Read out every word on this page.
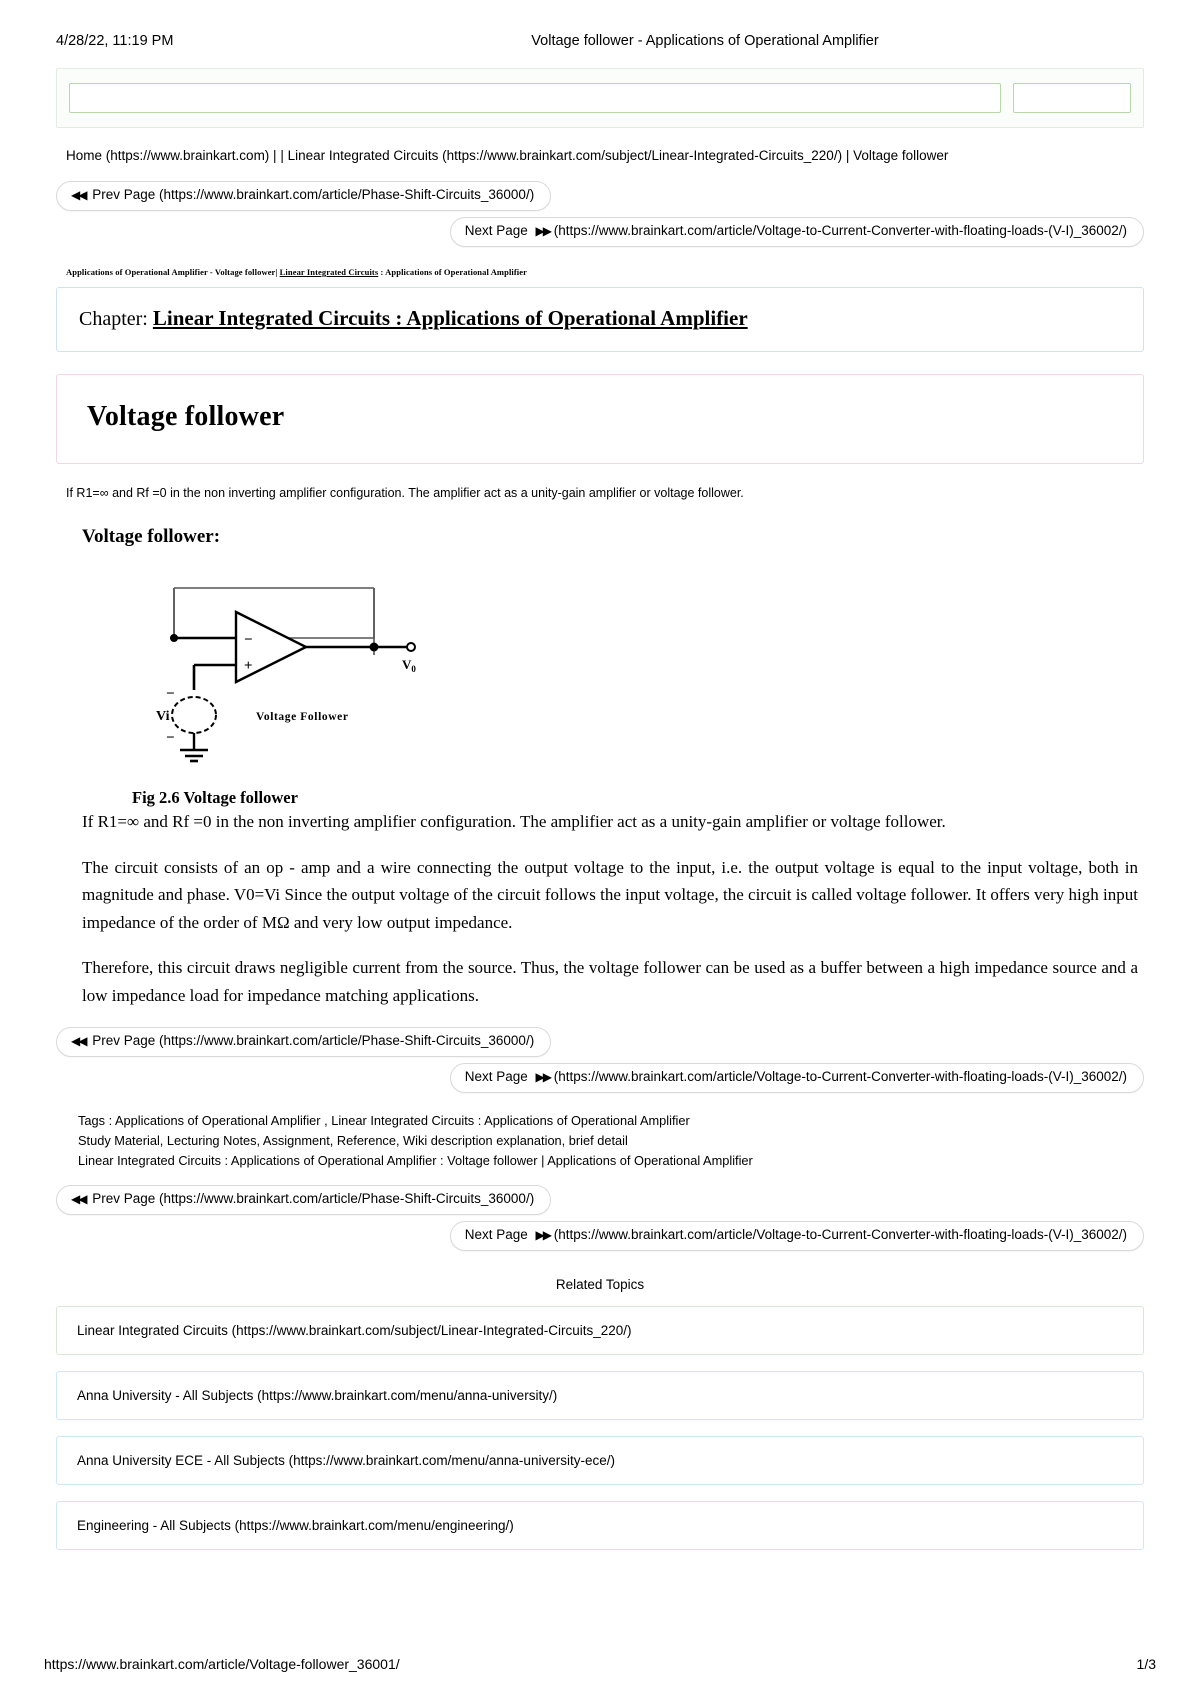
4/28/22, 11:19 PM	Voltage follower - Applications of Operational Amplifier
Home (https://www.brainkart.com) | | Linear Integrated Circuits (https://www.brainkart.com/subject/Linear-Integrated-Circuits_220/) | Voltage follower
◀◀ Prev Page (https://www.brainkart.com/article/Phase-Shift-Circuits_36000/)
Next Page ▶▶ (https://www.brainkart.com/article/Voltage-to-Current-Converter-with-floating-loads-(V-I)_36002/)
Applications of Operational Amplifier - Voltage follower| Linear Integrated Circuits : Applications of Operational Amplifier
Chapter: Linear Integrated Circuits : Applications of Operational Amplifier
Voltage follower
If R1=∞ and Rf =0 in the non inverting amplifier configuration. The amplifier act as a unity-gain amplifier or voltage follower.
Voltage follower:
−
+
Vi
−
−
$V_0$
Voltage Follower
Fig 2.6 Voltage follower

If R1=∞ and Rf =0 in the non inverting amplifier configuration. The amplifier act as a unity-gain amplifier or voltage follower.

The circuit consists of an op - amp and a wire connecting the output voltage to the input, i.e. the output voltage is equal to the input voltage, both in magnitude and phase. V0=Vi Since the output voltage of the circuit follows the input voltage, the circuit is called voltage follower. It offers very high input impedance of the order of MΩ and very low output impedance.

Therefore, this circuit draws negligible current from the source. Thus, the voltage follower can be used as a buffer between a high impedance source and a low impedance load for impedance matching applications.

◀◀ Prev Page (https://www.brainkart.com/article/Phase-Shift-Circuits_36000/)
Next Page ▶▶ (https://www.brainkart.com/article/Voltage-to-Current-Converter-with-floating-loads-(V-I)_36002/)
Tags : Applications of Operational Amplifier , Linear Integrated Circuits : Applications of Operational Amplifier
Study Material, Lecturing Notes, Assignment, Reference, Wiki description explanation, brief detail
Linear Integrated Circuits : Applications of Operational Amplifier : Voltage follower | Applications of Operational Amplifier
◀◀ Prev Page (https://www.brainkart.com/article/Phase-Shift-Circuits_36000/)
Next Page ▶▶ (https://www.brainkart.com/article/Voltage-to-Current-Converter-with-floating-loads-(V-I)_36002/)
Related Topics
Linear Integrated Circuits (https://www.brainkart.com/subject/Linear-Integrated-Circuits_220/)
Anna University - All Subjects (https://www.brainkart.com/menu/anna-university/)
Anna University ECE - All Subjects (https://www.brainkart.com/menu/anna-university-ece/)
Engineering - All Subjects (https://www.brainkart.com/menu/engineering/)
https://www.brainkart.com/article/Voltage-follower_36001/	1/3
